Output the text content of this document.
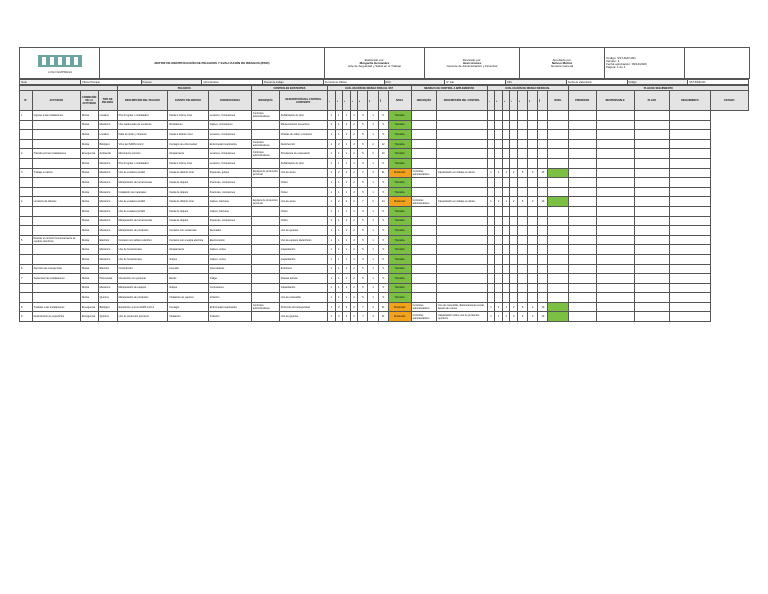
LOGO EMPRESA
	MATRIZ DE IDENTIFICACIÓN DE PELIGROS Y EVALUACIÓN DE RIESGOS (IPER)	
Elaborado por:
Margarita Hernandez
Jefe de Seguridad y Salud en el Trabajo

Revisado por:
Juan Linares
Gerente de Administración y Finanzas

Aprobado por:
Nelson Muñoz
Gerente General

Código: SST-MAT-001
Versión: 1
Fecha aprobación: 09/12/2020
Página: 1 de 1

Sede	Oficina Principal	Proceso	Administrativo	Puesto de trabajo	Personal de Oficina	RUC	N° trab.	CIIU	Fecha de elaboración	Código	SST-IPER-001
				PELIGROS			CONTROLES EXISTENTES		EVALUACIÓN DE RIESGO PARA EL SST								MEDIDAS DE CONTROL A IMPLEMENTAR		EVALUACIÓN DE RIESGO RESIDUAL								PLAN DE SEGUIMIENTO				
N°	ACTIVIDAD	CONDICIÓN DE LA ACTIVIDAD	TIPO DE PELIGRO	DESCRIPCIÓN DEL PELIGRO	EVENTO PELIGROSO	CONSECUENCIA	JERARQUÍA	DESCRIPCIÓN DEL CONTROL EXISTENTE	P	S	E	C	IP	IS	NR	NIVEL	JERARQUÍA	DESCRIPCIÓN DEL CONTROL	P	S	E	C	IP	IS	NR	NIVEL	PRIORIDAD	RESPONSABLE	PLAZO	SEGUIMIENTO	ESTADO
1	Ingreso a las instalaciones	Rutina	Locativo	Piso irregular o resbaladizo	Caída a mismo nivel	Lesiones, Contusiones	Controles administrativos	Señalización de piso	1	1	1	2	5	1	5	Tolerable															
		Rutina	Mecánico	Uso inadecuado de escaleras	Resbalones	Golpes, contusiones		Mantenimiento preventivo	1	1	1	2	5	1	5	Tolerable															
		Rutina	Locativo	Falta de orden y limpieza	Caída a distinto nivel	Lesiones, Contusiones		Charlas de orden y limpieza	1	1	1	2	5	1	5	Tolerable															
		Rutina	Biológico	Virus del SARS-CoV-2	Contagio de enfermedad	Enfermedad respiratoria	Controles administrativos	Desinfección	1	2	1	2	6	2	12	Tolerable															
2	Tránsito por las instalaciones	Emergencia	Ambiental	Movimiento sísmico	Atrapamiento	Lesiones, Contusiones	Controles administrativos	Simulacros de evacuación	1	1	1	2	5	2	10	Tolerable															
		Rutina	Mecánico	Piso irregular o resbaladizo	Caída a mismo nivel	Lesiones, Contusiones		Señalización de piso	1	1	1	2	5	1	5	Tolerable															
3	Trabajo en altura	Rutina	Mecánico	Uso de escalera portátil	Caída de distinto nivel	Fracturas, golpes	Equipos de protección personal	Uso de arnés	1	2	2	2	7	3	21	Moderado	Controles administrativos	Capacitación en trabajo en altura	1	1	1	2	5	2	10						
		Rutina	Mecánico	Manipulación de herramientas	Caída de objetos	Fracturas, contusiones		Orden	1	1	1	2	5	1	5	Tolerable															
		Rutina	Mecánico	Instalación de materiales	Caída de objetos	Fracturas, contusiones		Orden	1	1	1	2	5	1	5	Tolerable															
4	Limpieza de oficinas	Rutina	Mecánico	Uso de escalera portátil	Caída de distinto nivel	Golpes, fracturas	Equipos de protección personal	Uso de arnés	1	2	2	2	7	2	14	Moderado	Controles administrativos	Capacitación en trabajo en altura	1	1	1	2	5	2	10						
		Rutina	Mecánico	Uso de escalera portátil	Caída de objetos	Golpes, fracturas		Orden	1	1	1	2	5	1	5	Tolerable															
		Rutina	Mecánico	Manipulación de herramientas	Caída de objetos	Fracturas, contusiones		Orden	1	1	1	2	5	1	5	Tolerable															
		Rutina	Mecánico	Manipulación de productos	Contacto con sustancias	Dermatitis		Uso de guantes	1	1	1	2	5	1	5	Tolerable															
5	Revisar el correcto funcionamiento de equipos eléctricos	Rutina	Eléctrico	Contacto con tablero eléctrico	Contacto con energía eléctrica	Electrocución		Uso de equipos dieléctricos	1	1	1	2	5	1	5	Tolerable															
		Rutina	Mecánico	Uso de herramientas	Atrapamiento	Golpes, cortes		Capacitación	1	1	1	2	5	1	5	Tolerable															
		Rutina	Mecánico	Uso de herramientas	Golpes	Golpes, cortes		Capacitación	1	1	1	2	5	1	5	Tolerable															
6	Atención de emergencias	Rutina	Eléctrico	Cortocircuito	Incendio	Quemaduras		Extintores	1	1	1	2	5	1	5	Tolerable															
7	Supervisar las instalaciones	Rutina	Psicosocial	Interacción con personal	Estrés	Fatiga		Pausas activas	1	1	1	2	5	1	5	Tolerable															
		Rutina	Mecánico	Manipulación de equipos	Golpes	Contusiones		Capacitación	1	1	1	2	5	1	5	Tolerable															
		Rutina	Químico	Manipulación de productos	Inhalación de vapores	Irritación		Uso de mascarilla	1	1	1	2	5	1	5	Tolerable															
8	Traslado a las instalaciones	Emergencia	Biológico	Exposición a virus SARS-CoV-2	Contagio	Enfermedad respiratoria	Controles administrativos	Protocolo de bioseguridad	1	2	2	2	7	3	21	Moderado	Controles administrativos	Uso de mascarilla, distanciamiento social, lavado de manos	1	1	1	2	5	2	10						
9	Desinfección de superficies	Emergencia	Químico	Uso de productos químicos	Inhalación	Irritación		Uso de guantes	1	2	2	2	7	3	21	Moderado	Controles administrativos	Capacitación sobre uso de productos químicos	1	1	1	2	5	2	10						
